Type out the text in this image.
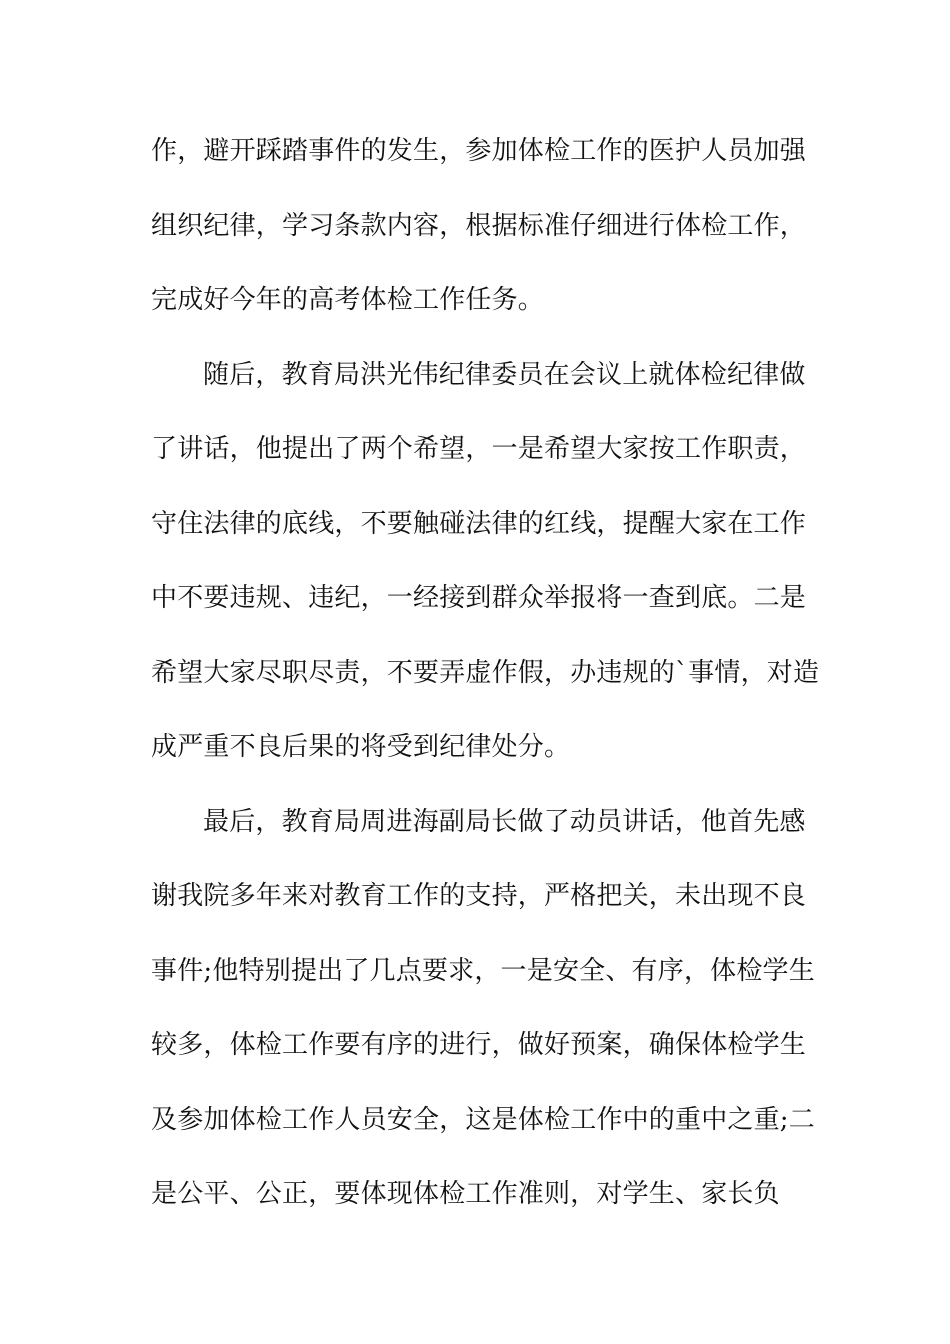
作，避开踩踏事件的发生，参加体检工作的医护人员加强
组织纪律，学习条款内容，根据标准仔细进行体检工作，
完成好今年的高考体检工作任务。
随后，教育局洪光伟纪律委员在会议上就体检纪律做
了讲话，他提出了两个希望，一是希望大家按工作职责，
守住法律的底线，不要触碰法律的红线，提醒大家在工作
中不要违规、违纪，一经接到群众举报将一查到底。二是
希望大家尽职尽责，不要弄虚作假，办违规的`事情，对造
成严重不良后果的将受到纪律处分。
最后，教育局周进海副局长做了动员讲话，他首先感
谢我院多年来对教育工作的支持，严格把关，未出现不良
事件;他特别提出了几点要求，一是安全、有序，体检学生
较多，体检工作要有序的进行，做好预案，确保体检学生
及参加体检工作人员安全，这是体检工作中的重中之重;二
是公平、公正，要体现体检工作准则，对学生、家长负
